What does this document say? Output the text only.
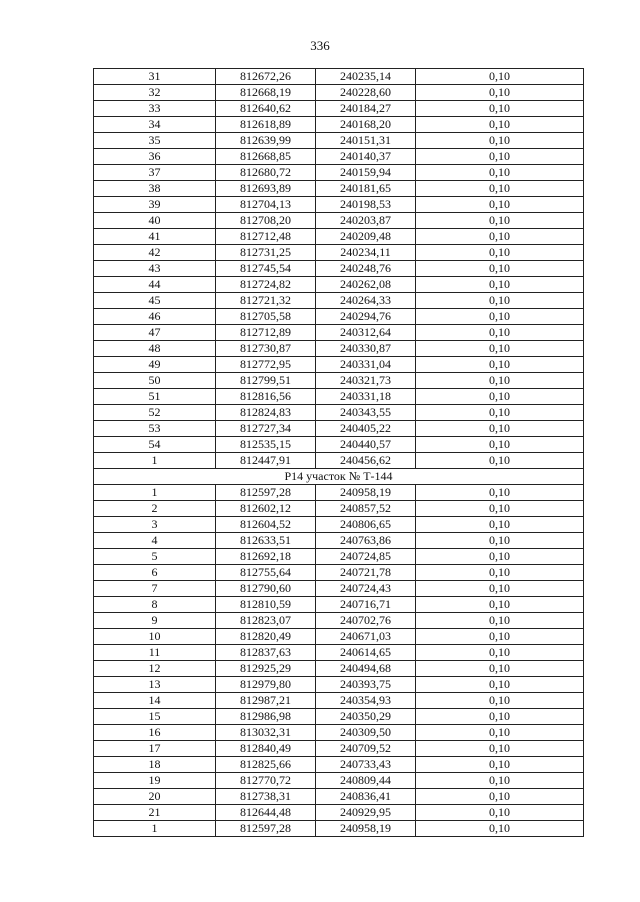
336
31	812672,26	240235,14	0,10
32	812668,19	240228,60	0,10
33	812640,62	240184,27	0,10
34	812618,89	240168,20	0,10
35	812639,99	240151,31	0,10
36	812668,85	240140,37	0,10
37	812680,72	240159,94	0,10
38	812693,89	240181,65	0,10
39	812704,13	240198,53	0,10
40	812708,20	240203,87	0,10
41	812712,48	240209,48	0,10
42	812731,25	240234,11	0,10
43	812745,54	240248,76	0,10
44	812724,82	240262,08	0,10
45	812721,32	240264,33	0,10
46	812705,58	240294,76	0,10
47	812712,89	240312,64	0,10
48	812730,87	240330,87	0,10
49	812772,95	240331,04	0,10
50	812799,51	240321,73	0,10
51	812816,56	240331,18	0,10
52	812824,83	240343,55	0,10
53	812727,34	240405,22	0,10
54	812535,15	240440,57	0,10
1	812447,91	240456,62	0,10
Р14 участок № Т-144			
1	812597,28	240958,19	0,10
2	812602,12	240857,52	0,10
3	812604,52	240806,65	0,10
4	812633,51	240763,86	0,10
5	812692,18	240724,85	0,10
6	812755,64	240721,78	0,10
7	812790,60	240724,43	0,10
8	812810,59	240716,71	0,10
9	812823,07	240702,76	0,10
10	812820,49	240671,03	0,10
11	812837,63	240614,65	0,10
12	812925,29	240494,68	0,10
13	812979,80	240393,75	0,10
14	812987,21	240354,93	0,10
15	812986,98	240350,29	0,10
16	813032,31	240309,50	0,10
17	812840,49	240709,52	0,10
18	812825,66	240733,43	0,10
19	812770,72	240809,44	0,10
20	812738,31	240836,41	0,10
21	812644,48	240929,95	0,10
1	812597,28	240958,19	0,10
